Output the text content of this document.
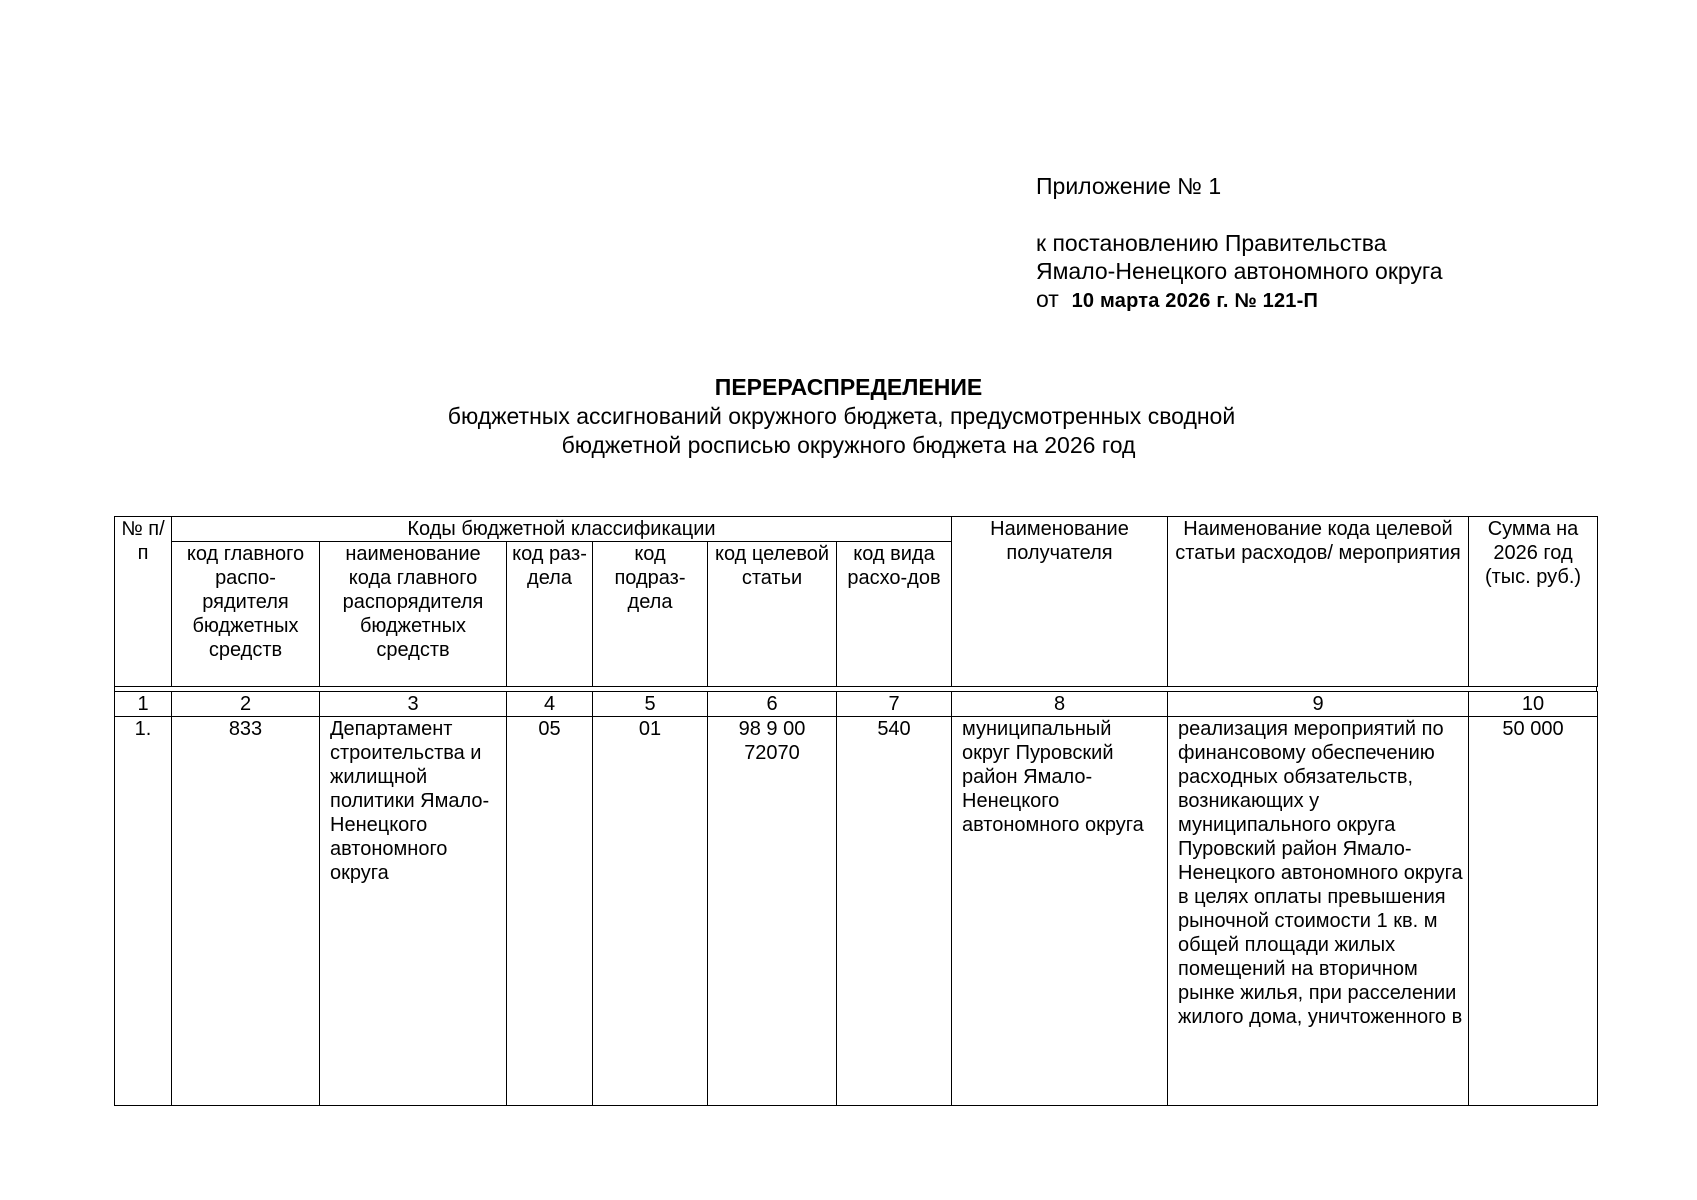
Приложение № 1
к постановлению Правительства
Ямало-Ненецкого автономного округа
от 10 марта 2026 г. № 121-П
ПЕРЕРАСПРЕДЕЛЕНИЕ
бюджетных ассигнований окружного бюджета, предусмотренных сводной
бюджетной росписью окружного бюджета на 2026 год
№ п/п	Коды бюджетной классификации						Наименование получателя	Наименование кода целевой статьи расходов/ мероприятия	Сумма на 2026 год (тыс. руб.)
	код главного распо-рядителя бюджетных средств	наименование кода главного распорядителя бюджетных средств	код раз-дела	код подраз-дела	код целевой статьи	код вида расхо-дов			
1	2	3	4	5	6	7	8	9	10
1.	833	Департамент строительства и жилищной политики Ямало-Ненецкого автономного округа	05	01	98 9 00 72070	540	муниципальный округ Пуровский район Ямало-Ненецкого автономного округа	реализация мероприятий по финансовому обеспечению расходных обязательств, возникающих у муниципального округа Пуровский район Ямало-Ненецкого автономного округа в целях оплаты превышения рыночной стоимости 1 кв. м общей площади жилых помещений на вторичном рынке жилья, при расселении жилого дома, уничтоженного в	50 000
